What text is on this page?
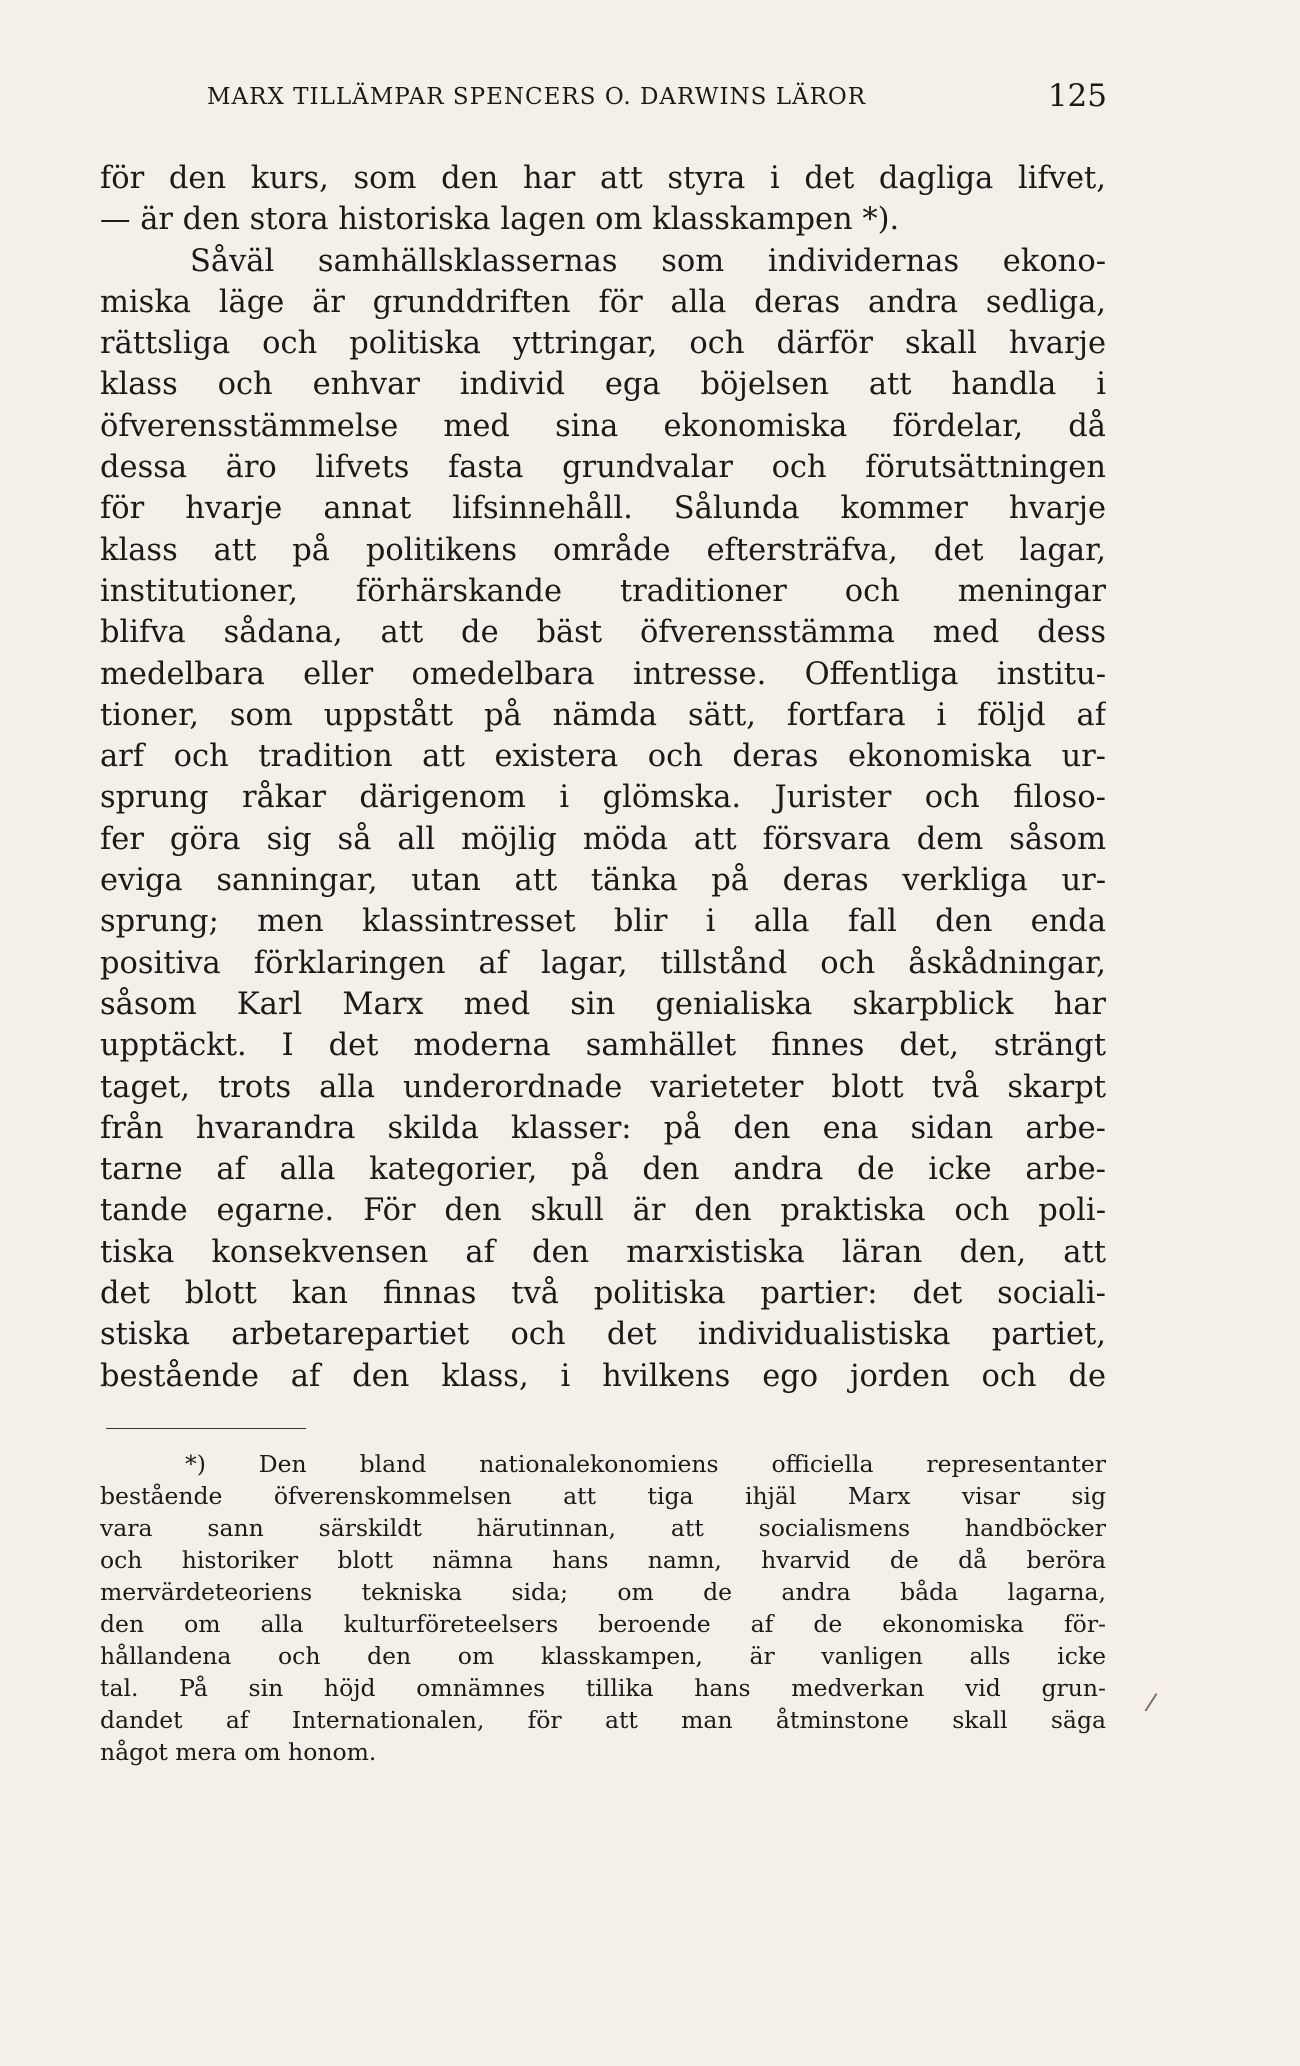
MARX TILLÄMPAR SPENCERS O. DARWINS LÄROR	125
för den kurs, som den har att styra i det dagliga lifvet,
— är den stora historiska lagen om klasskampen *).
Såväl samhällsklassernas som individernas ekono-
miska läge är grunddriften för alla deras andra sedliga,
rättsliga och politiska yttringar, och därför skall hvarje
klass och enhvar individ ega böjelsen att handla i
öfverensstämmelse med sina ekonomiska fördelar, då
dessa äro lifvets fasta grundvalar och förutsättningen
för hvarje annat lifsinnehåll. Sålunda kommer hvarje
klass att på politikens område eftersträfva, det lagar,
institutioner, förhärskande traditioner och meningar
blifva sådana, att de bäst öfverensstämma med dess
medelbara eller omedelbara intresse. Offentliga institu-
tioner, som uppstått på nämda sätt, fortfara i följd af
arf och tradition att existera och deras ekonomiska ur-
sprung råkar därigenom i glömska. Jurister och filoso-
fer göra sig så all möjlig möda att försvara dem såsom
eviga sanningar, utan att tänka på deras verkliga ur-
sprung; men klassintresset blir i alla fall den enda
positiva förklaringen af lagar, tillstånd och åskådningar,
såsom Karl Marx med sin genialiska skarpblick har
upptäckt. I det moderna samhället finnes det, strängt
taget, trots alla underordnade varieteter blott två skarpt
från hvarandra skilda klasser: på den ena sidan arbe-
tarne af alla kategorier, på den andra de icke arbe-
tande egarne. För den skull är den praktiska och poli-
tiska konsekvensen af den marxistiska läran den, att
det blott kan finnas två politiska partier: det sociali-
stiska arbetarepartiet och det individualistiska partiet,
bestående af den klass, i hvilkens ego jorden och de
*) Den bland nationalekonomiens officiella representanter
bestående öfverenskommelsen att tiga ihjäl Marx visar sig
vara sann särskildt härutinnan, att socialismens handböcker
och historiker blott nämna hans namn, hvarvid de då beröra
mervärdeteoriens tekniska sida; om de andra båda lagarna,
den om alla kulturföreteelsers beroende af de ekonomiska för-
hållandena och den om klasskampen, är vanligen alls icke
tal. På sin höjd omnämnes tillika hans medverkan vid grun-
dandet af Internationalen, för att man åtminstone skall säga
något mera om honom.
/
